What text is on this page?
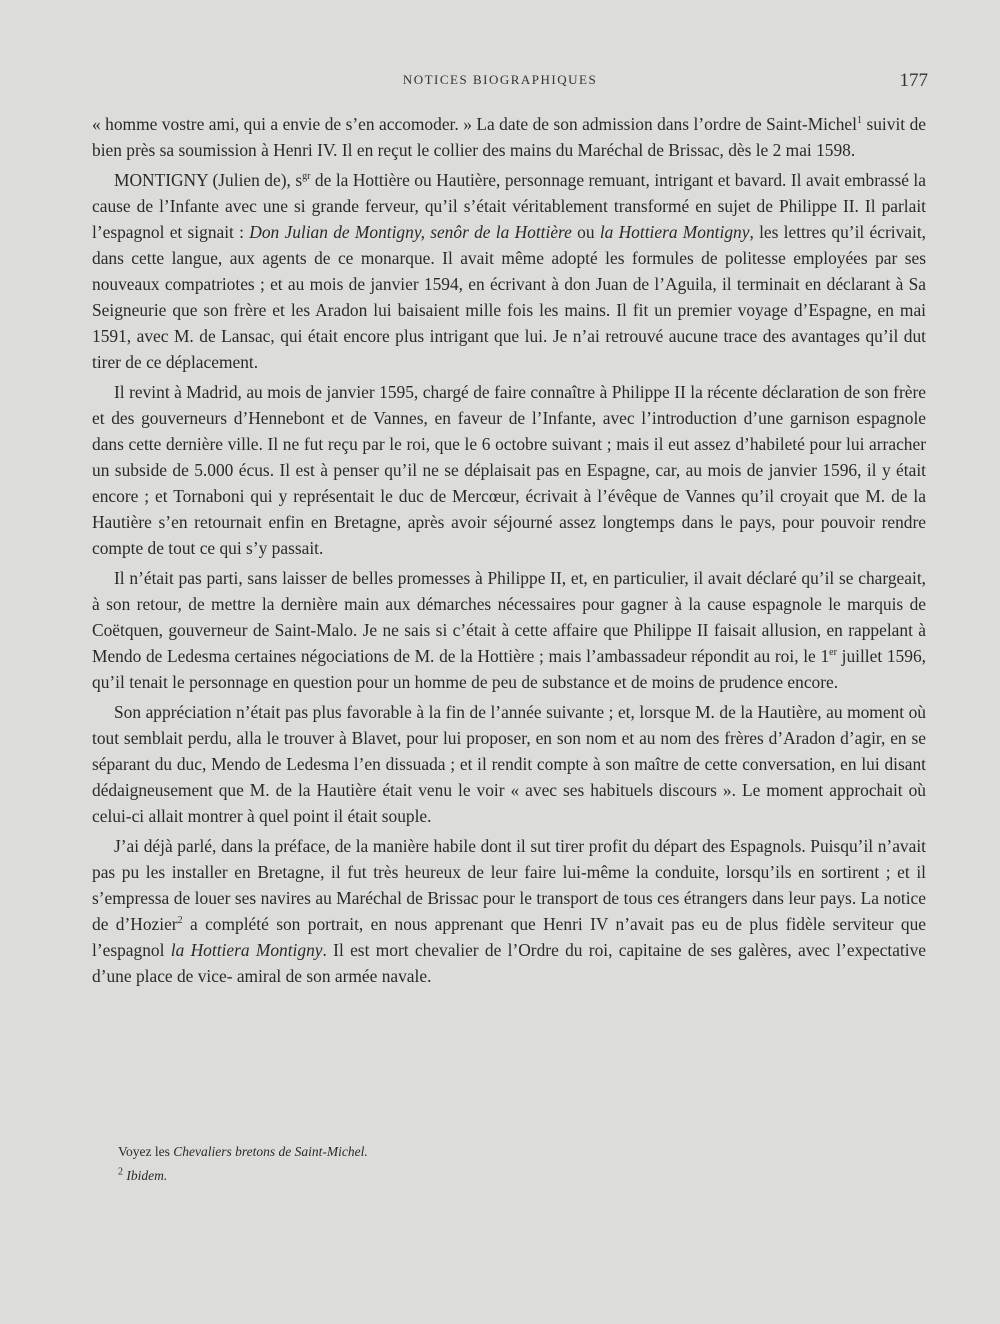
NOTICES BIOGRAPHIQUES	177

« homme vostre ami, qui a envie de s’en accomoder. » La date de son admission dans l’ordre de Saint-Michel$^1$ suivit de bien près sa soumission à Henri IV. Il en reçut le collier des mains du Maréchal de Brissac, dès le 2 mai 1598.

MONTIGNY (Julien de), $s^{gr}$ de la Hottière ou Hautière, personnage remuant, intrigant et bavard. Il avait embrassé la cause de l’Infante avec une si grande ferveur, qu’il s’était véritablement transformé en sujet de Philippe II. Il parlait l’espagnol et signait : Don Julian de Montigny, senôr de la Hottière ou la Hottiera Montigny, les lettres qu’il écrivait, dans cette langue, aux agents de ce monarque. Il avait même adopté les formules de politesse employées par ses nouveaux compatriotes ; et au mois de janvier 1594, en écrivant à don Juan de l’Aguila, il terminait en déclarant à Sa Seigneurie que son frère et les Aradon lui baisaient mille fois les mains. Il fit un premier voyage d’Espagne, en mai 1591, avec M. de Lansac, qui était encore plus intrigant que lui. Je n’ai retrouvé aucune trace des avantages qu’il dut tirer de ce déplacement.

Il revint à Madrid, au mois de janvier 1595, chargé de faire connaître à Philippe II la récente déclaration de son frère et des gouverneurs d’Hennebont et de Vannes, en faveur de l’Infante, avec l’introduction d’une garnison espagnole dans cette dernière ville. Il ne fut reçu par le roi, que le 6 octobre suivant ; mais il eut assez d’habileté pour lui arracher un subside de 5.000 écus. Il est à penser qu’il ne se déplaisait pas en Espagne, car, au mois de janvier 1596, il y était encore ; et Tornaboni qui y représentait le duc de Mercœur, écrivait à l’évêque de Vannes qu’il croyait que M. de la Hautière s’en retournait enfin en Bretagne, après avoir séjourné assez longtemps dans le pays, pour pouvoir rendre compte de tout ce qui s’y passait.

Il n’était pas parti, sans laisser de belles promesses à Philippe II, et, en particulier, il avait déclaré qu’il se chargeait, à son retour, de mettre la dernière main aux démarches nécessaires pour gagner à la cause espagnole le marquis de Coëtquen, gouverneur de Saint-Malo. Je ne sais si c’était à cette affaire que Philippe II faisait allusion, en rappelant à Mendo de Ledesma certaines négociations de M. de la Hottière ; mais l’ambassadeur répondit au roi, le 1er juillet 1596, qu’il tenait le personnage en question pour un homme de peu de substance et de moins de prudence encore.

Son appréciation n’était pas plus favorable à la fin de l’année suivante ; et, lorsque M. de la Hautière, au moment où tout semblait perdu, alla le trouver à Blavet, pour lui proposer, en son nom et au nom des frères d’Aradon d’agir, en se séparant du duc, Mendo de Ledesma l’en dissuada ; et il rendit compte à son maître de cette conversation, en lui disant dédaigneusement que M. de la Hautière était venu le voir « avec ses habituels discours ». Le moment approchait où celui-ci allait montrer à quel point il était souple.

J’ai déjà parlé, dans la préface, de la manière habile dont il sut tirer profit du départ des Espagnols. Puisqu’il n’avait pas pu les installer en Bretagne, il fut très heureux de leur faire lui-même la conduite, lorsqu’ils en sortirent ; et il s’empressa de louer ses navires au Maréchal de Brissac pour le transport de tous ces étrangers dans leur pays. La notice de d’Hozier$^2$ a complété son portrait, en nous apprenant que Henri IV n’avait pas eu de plus fidèle serviteur que l’espagnol la Hottiera Montigny. Il est mort chevalier de l’Ordre du roi, capitaine de ses galères, avec l’expectative d’une place de vice- amiral de son armée navale.

Voyez les Chevaliers bretons de Saint-Michel.
$^2$ Ibidem.
